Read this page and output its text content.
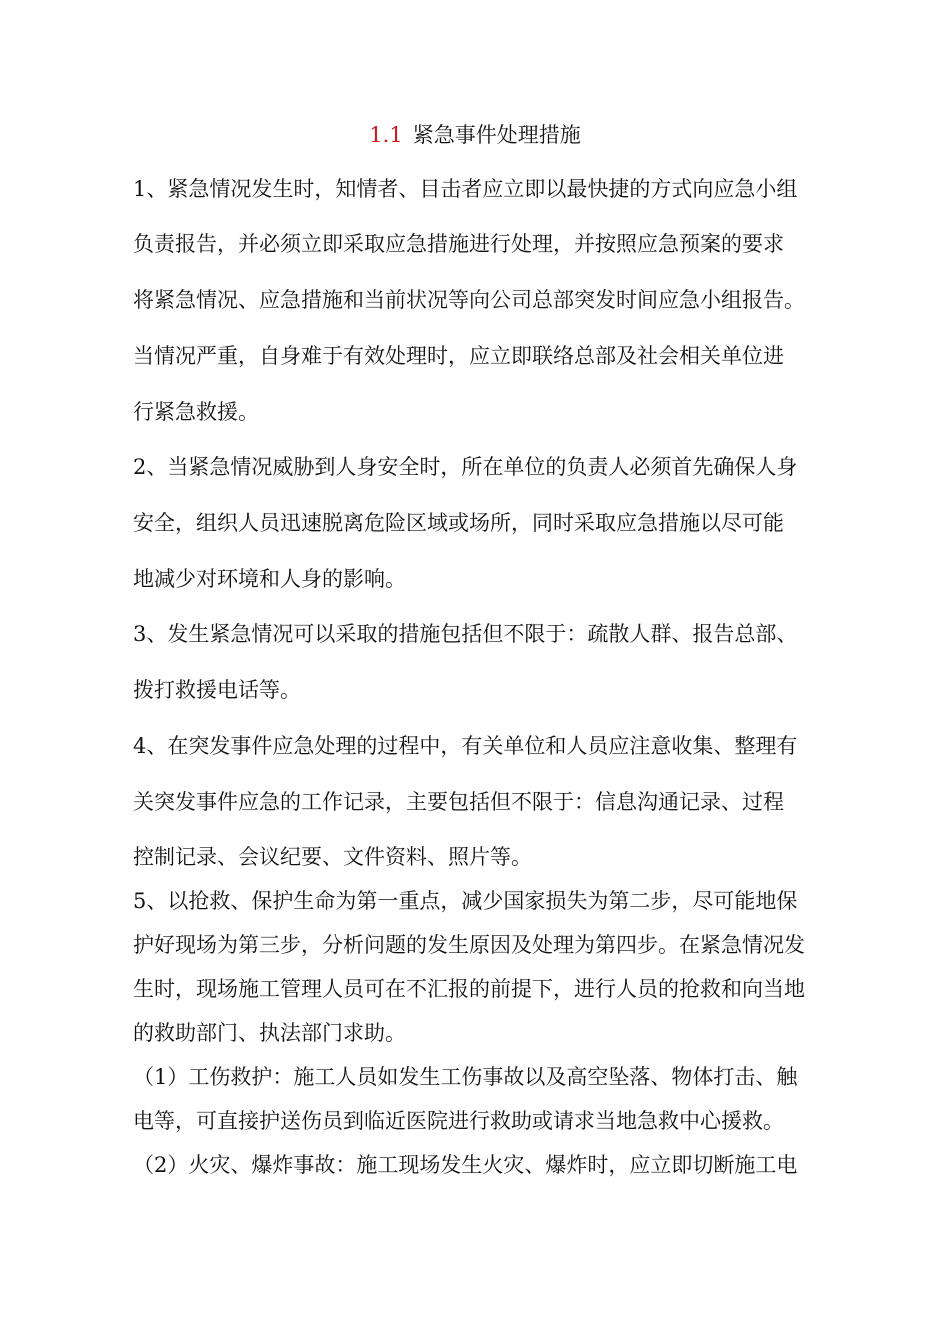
1.1 紧急事件处理措施
1、紧急情况发生时，知情者、目击者应立即以最快捷的方式向应急小组
负责报告，并必须立即采取应急措施进行处理，并按照应急预案的要求
将紧急情况、应急措施和当前状况等向公司总部突发时间应急小组报告。
当情况严重，自身难于有效处理时，应立即联络总部及社会相关单位进
行紧急救援。
2、当紧急情况威胁到人身安全时，所在单位的负责人必须首先确保人身
安全，组织人员迅速脱离危险区域或场所，同时采取应急措施以尽可能
地减少对环境和人身的影响。
3、发生紧急情况可以采取的措施包括但不限于：疏散人群、报告总部、
拨打救援电话等。
4、在突发事件应急处理的过程中，有关单位和人员应注意收集、整理有
关突发事件应急的工作记录，主要包括但不限于：信息沟通记录、过程
控制记录、会议纪要、文件资料、照片等。
5、以抢救、保护生命为第一重点，减少国家损失为第二步，尽可能地保
护好现场为第三步，分析问题的发生原因及处理为第四步。在紧急情况发
生时，现场施工管理人员可在不汇报的前提下，进行人员的抢救和向当地
的救助部门、执法部门求助。
（1）工伤救护：施工人员如发生工伤事故以及高空坠落、物体打击、触
电等，可直接护送伤员到临近医院进行救助或请求当地急救中心援救。
（2）火灾、爆炸事故：施工现场发生火灾、爆炸时，应立即切断施工电
